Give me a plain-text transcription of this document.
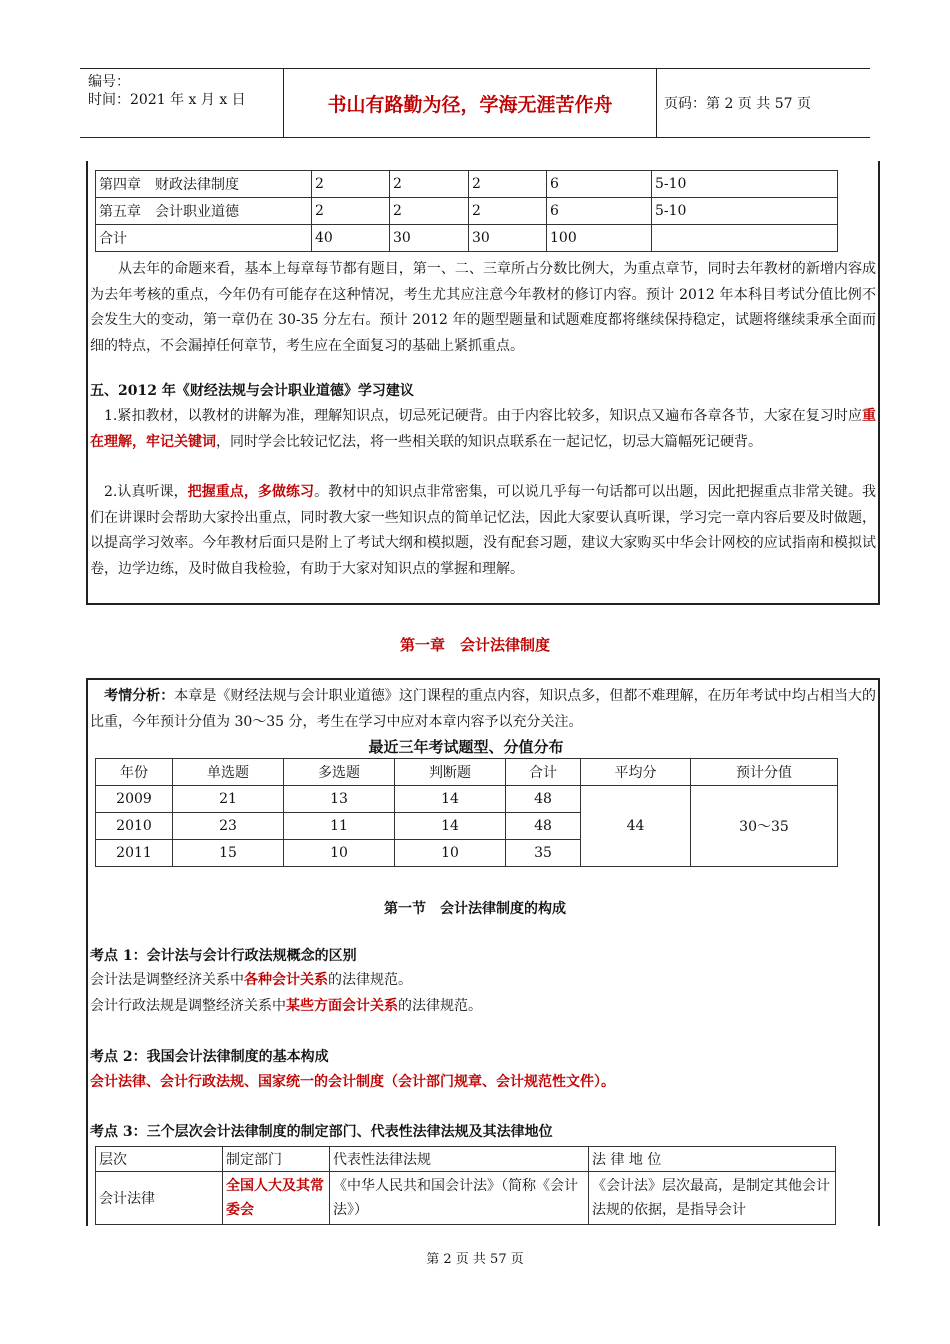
编号：
时间：2021 年 x 月 x 日	书山有路勤为径，学海无涯苦作舟	页码：第 2 页 共 57 页
第四章　财政法律制度	2	2	2	6	5-10
第五章　会计职业道德	2	2	2	6	5-10
合计	40	30	30	100	
从去年的命题来看，基本上每章每节都有题目，第一、二、三章所占分数比例大，为重点章节，同时去年教材的新增内容成为去年考核的重点，今年仍有可能存在这种情况，考生尤其应注意今年教材的修订内容。预计 2012 年本科目考试分值比例不会发生大的变动，第一章仍在 30-35 分左右。预计 2012 年的题型题量和试题难度都将继续保持稳定，试题将继续秉承全面而细的特点，不会漏掉任何章节，考生应在全面复习的基础上紧抓重点。
五、2012 年《财经法规与会计职业道德》学习建议
1.紧扣教材，以教材的讲解为准，理解知识点，切忌死记硬背。由于内容比较多，知识点又遍布各章各节，大家在复习时应重在理解，牢记关键词，同时学会比较记忆法，将一些相关联的知识点联系在一起记忆，切忌大篇幅死记硬背。
2.认真听课，把握重点，多做练习。教材中的知识点非常密集，可以说几乎每一句话都可以出题，因此把握重点非常关键。我们在讲课时会帮助大家拎出重点，同时教大家一些知识点的简单记忆法，因此大家要认真听课，学习完一章内容后要及时做题，以提高学习效率。今年教材后面只是附上了考试大纲和模拟题，没有配套习题，建议大家购买中华会计网校的应试指南和模拟试卷，边学边练，及时做自我检验，有助于大家对知识点的掌握和理解。
第一章　会计法律制度
　考情分析：本章是《财经法规与会计职业道德》这门课程的重点内容，知识点多，但都不难理解，在历年考试中均占相当大的比重，今年预计分值为 30～35 分，考生在学习中应对本章内容予以充分关注。
最近三年考试题型、分值分布
年份	单选题	多选题	判断题	合计	平均分	预计分值
2009	21	13	14	48	44	30～35
2010	23	11	14	48		
2011	15	10	10	35		
第一节　会计法律制度的构成
考点 1：会计法与会计行政法规概念的区别
会计法是调整经济关系中各种会计关系的法律规范。
会计行政法规是调整经济关系中某些方面会计关系的法律规范。
考点 2：我国会计法律制度的基本构成
会计法律、会计行政法规、国家统一的会计制度（会计部门规章、会计规范性文件）。
考点 3：三个层次会计法律制度的制定部门、代表性法律法规及其法律地位
层次	制定部门	代表性法律法规	法 律 地 位
会计法律	全国人大及其常委会	《中华人民共和国会计法》（简称《会计法》）	《会计法》层次最高，是制定其他会计法规的依据，是指导会计
第 2 页 共 57 页
